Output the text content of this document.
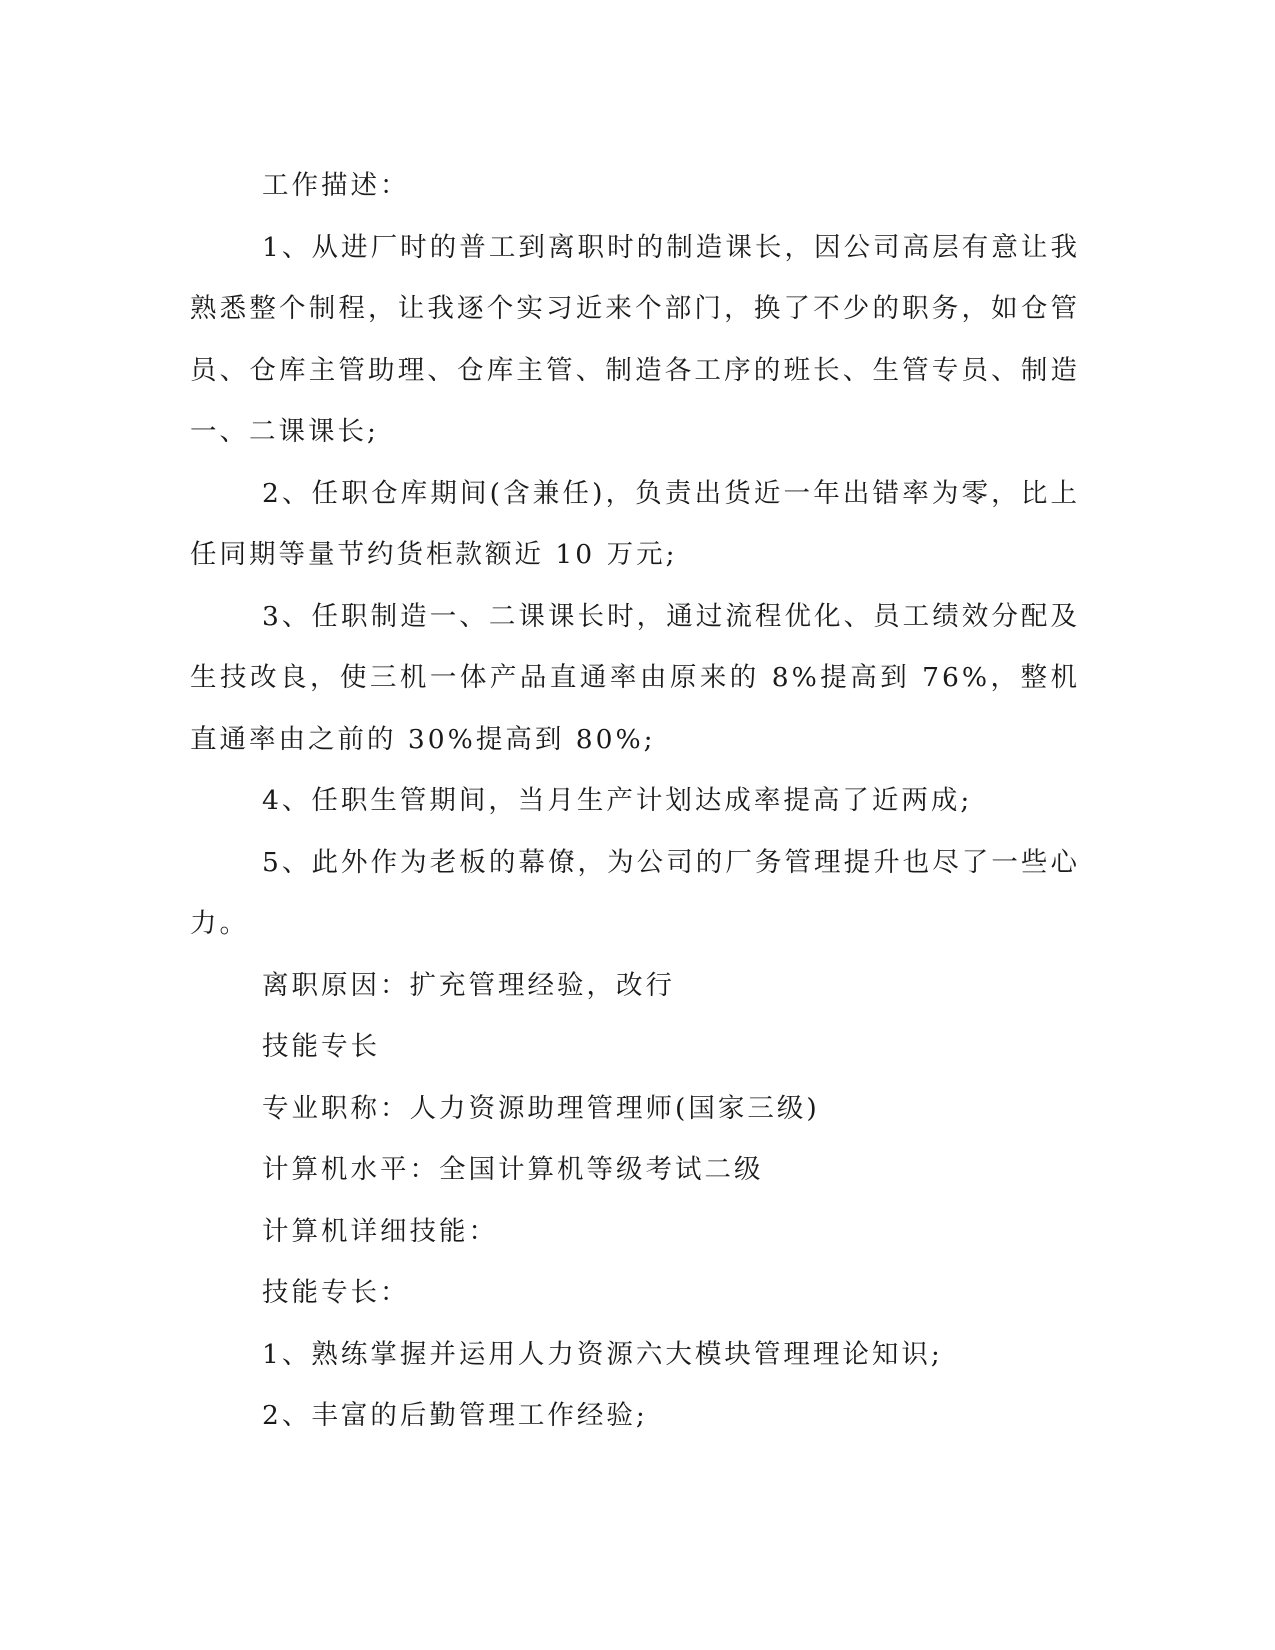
工作描述：

1、从进厂时的普工到离职时的制造课长，因公司高层有意让我熟悉整个制程，让我逐个实习近来个部门，换了不少的职务，如仓管员、仓库主管助理、仓库主管、制造各工序的班长、生管专员、制造一、二课课长;

2、任职仓库期间(含兼任)，负责出货近一年出错率为零，比上任同期等量节约货柜款额近 10 万元;

3、任职制造一、二课课长时，通过流程优化、员工绩效分配及生技改良，使三机一体产品直通率由原来的 8%提高到 76%，整机直通率由之前的 30%提高到 80%;

4、任职生管期间，当月生产计划达成率提高了近两成;

5、此外作为老板的幕僚，为公司的厂务管理提升也尽了一些心力。

离职原因：扩充管理经验，改行

技能专长

专业职称：人力资源助理管理师(国家三级)

计算机水平：全国计算机等级考试二级

计算机详细技能：

技能专长：

1、熟练掌握并运用人力资源六大模块管理理论知识;

2、丰富的后勤管理工作经验;
